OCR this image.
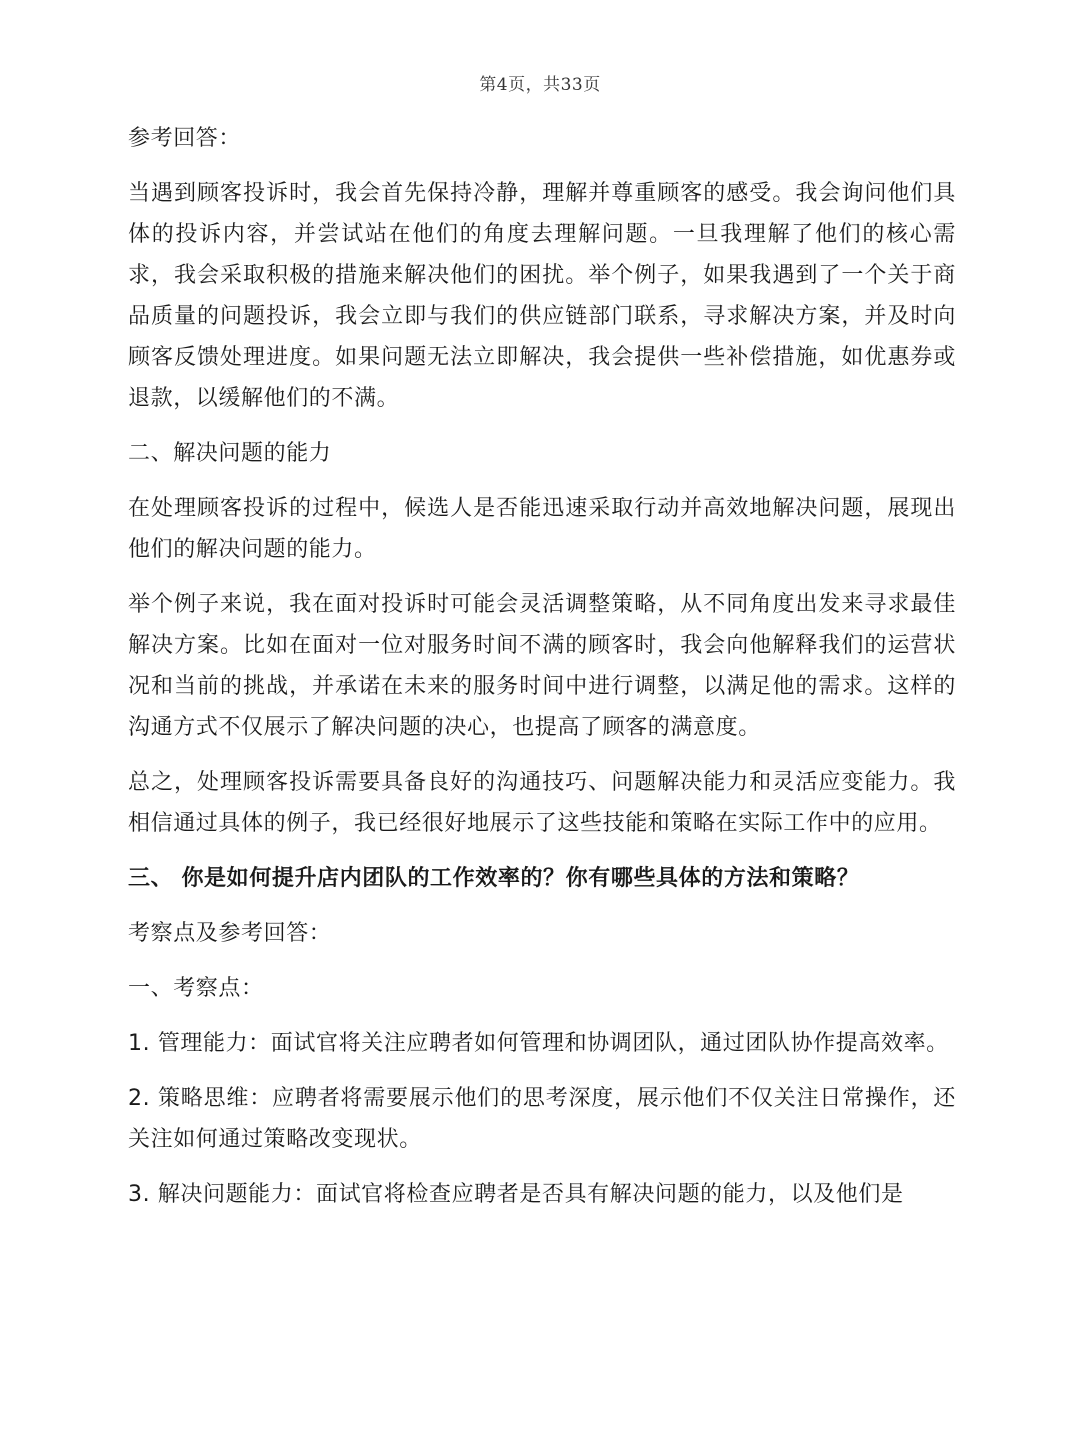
第4页，共33页

参考回答：

当遇到顾客投诉时，我会首先保持冷静，理解并尊重顾客的感受。我会询问他们具体的投诉内容，并尝试站在他们的角度去理解问题。一旦我理解了他们的核心需求，我会采取积极的措施来解决他们的困扰。举个例子，如果我遇到了一个关于商品质量的问题投诉，我会立即与我们的供应链部门联系，寻求解决方案，并及时向顾客反馈处理进度。如果问题无法立即解决，我会提供一些补偿措施，如优惠券或退款，以缓解他们的不满。

二、解决问题的能力

在处理顾客投诉的过程中，候选人是否能迅速采取行动并高效地解决问题，展现出他们的解决问题的能力。

举个例子来说，我在面对投诉时可能会灵活调整策略，从不同角度出发来寻求最佳解决方案。比如在面对一位对服务时间不满的顾客时，我会向他解释我们的运营状况和当前的挑战，并承诺在未来的服务时间中进行调整，以满足他的需求。这样的沟通方式不仅展示了解决问题的决心，也提高了顾客的满意度。

总之，处理顾客投诉需要具备良好的沟通技巧、问题解决能力和灵活应变能力。我相信通过具体的例子，我已经很好地展示了这些技能和策略在实际工作中的应用。

三、 你是如何提升店内团队的工作效率的？你有哪些具体的方法和策略？

考察点及参考回答：

一、考察点：

1. 管理能力：面试官将关注应聘者如何管理和协调团队，通过团队协作提高效率。

2. 策略思维：应聘者将需要展示他们的思考深度，展示他们不仅关注日常操作，还关注如何通过策略改变现状。

3. 解决问题能力：面试官将检查应聘者是否具有解决问题的能力，以及他们是
